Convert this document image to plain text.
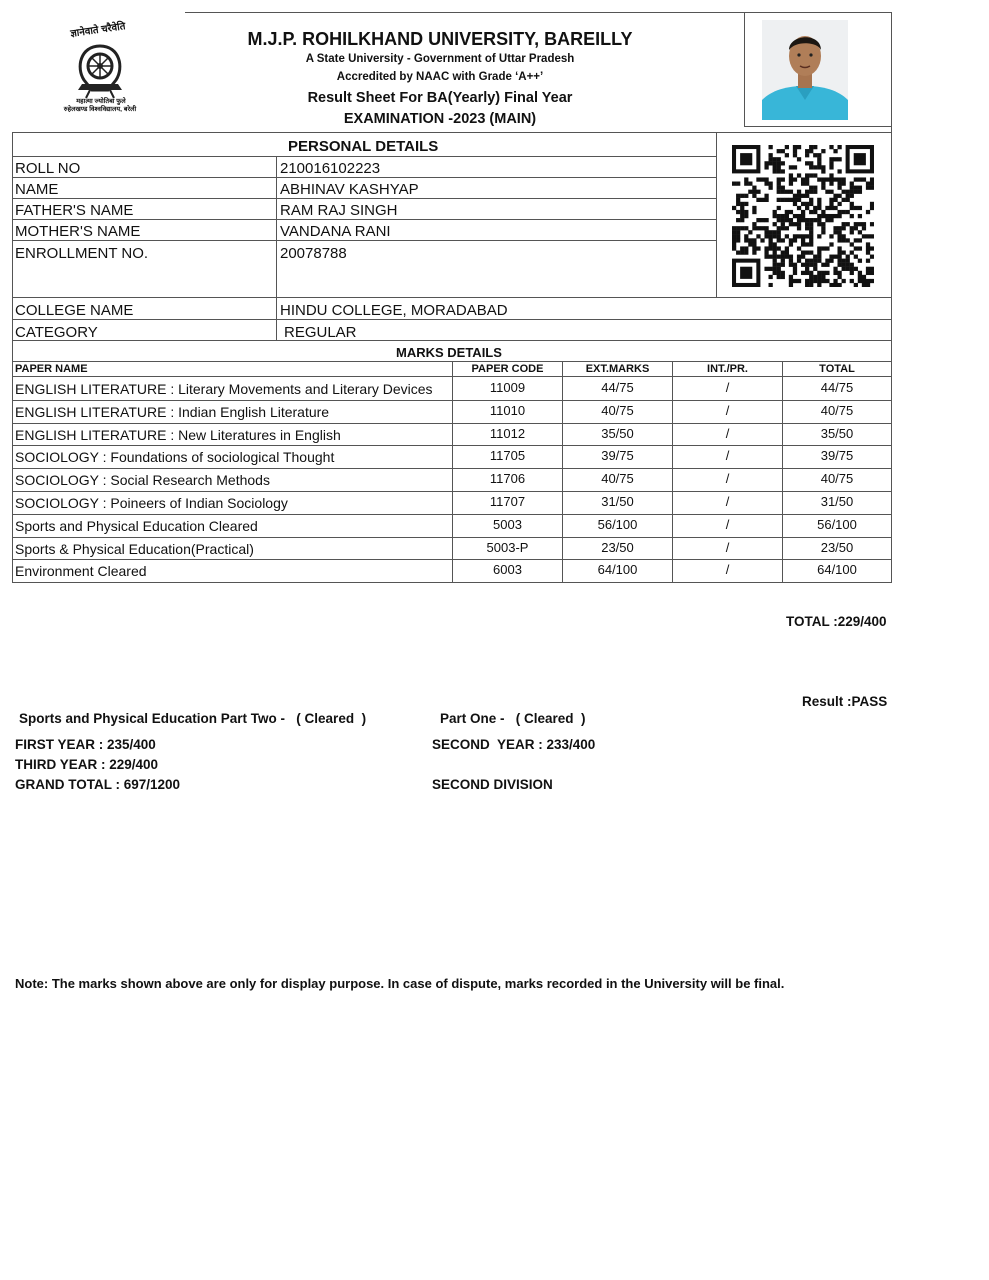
ज्ञानेवाते चरैवेति
महात्मा ज्योतिबा फुले
रुहेलखण्ड विश्वविद्यालय, बरेली
M.J.P. ROHILKHAND UNIVERSITY, BAREILLY
A State University - Government of Uttar Pradesh
Accredited by NAAC with Grade ‘A++’
Result Sheet For BA(Yearly) Final Year
EXAMINATION -2023 (MAIN)
PERSONAL DETAILS
ROLL NO	210016102223
NAME	ABHINAV KASHYAP
FATHER'S NAME	RAM RAJ SINGH
MOTHER'S NAME	VANDANA RANI
ENROLLMENT NO.	20078788
COLLEGE NAME	HINDU COLLEGE, MORADABAD
CATEGORY	REGULAR
MARKS DETAILS
PAPER NAME	PAPER CODE	EXT.MARKS	INT./PR.	TOTAL
ENGLISH LITERATURE : Literary Movements and Literary Devices	11009	44/75	/	44/75
ENGLISH LITERATURE : Indian English Literature	11010	40/75	/	40/75
ENGLISH LITERATURE : New Literatures in English	11012	35/50	/	35/50
SOCIOLOGY : Foundations of sociological Thought	11705	39/75	/	39/75
SOCIOLOGY : Social Research Methods	11706	40/75	/	40/75
SOCIOLOGY : Poineers of Indian Sociology	11707	31/50	/	31/50
Sports and Physical Education Cleared	5003	56/100	/	56/100
Sports & Physical Education(Practical)	5003-P	23/50	/	23/50
Environment Cleared	6003	64/100	/	64/100
TOTAL :229/400
Result :PASS
Sports and Physical Education Part Two -   ( Cleared  )	Part One -   ( Cleared  )
FIRST YEAR : 235/400	SECOND  YEAR : 233/400
THIRD YEAR : 229/400
GRAND TOTAL : 697/1200	SECOND DIVISION
Note: The marks shown above are only for display purpose. In case of dispute, marks recorded in the University will be final.
